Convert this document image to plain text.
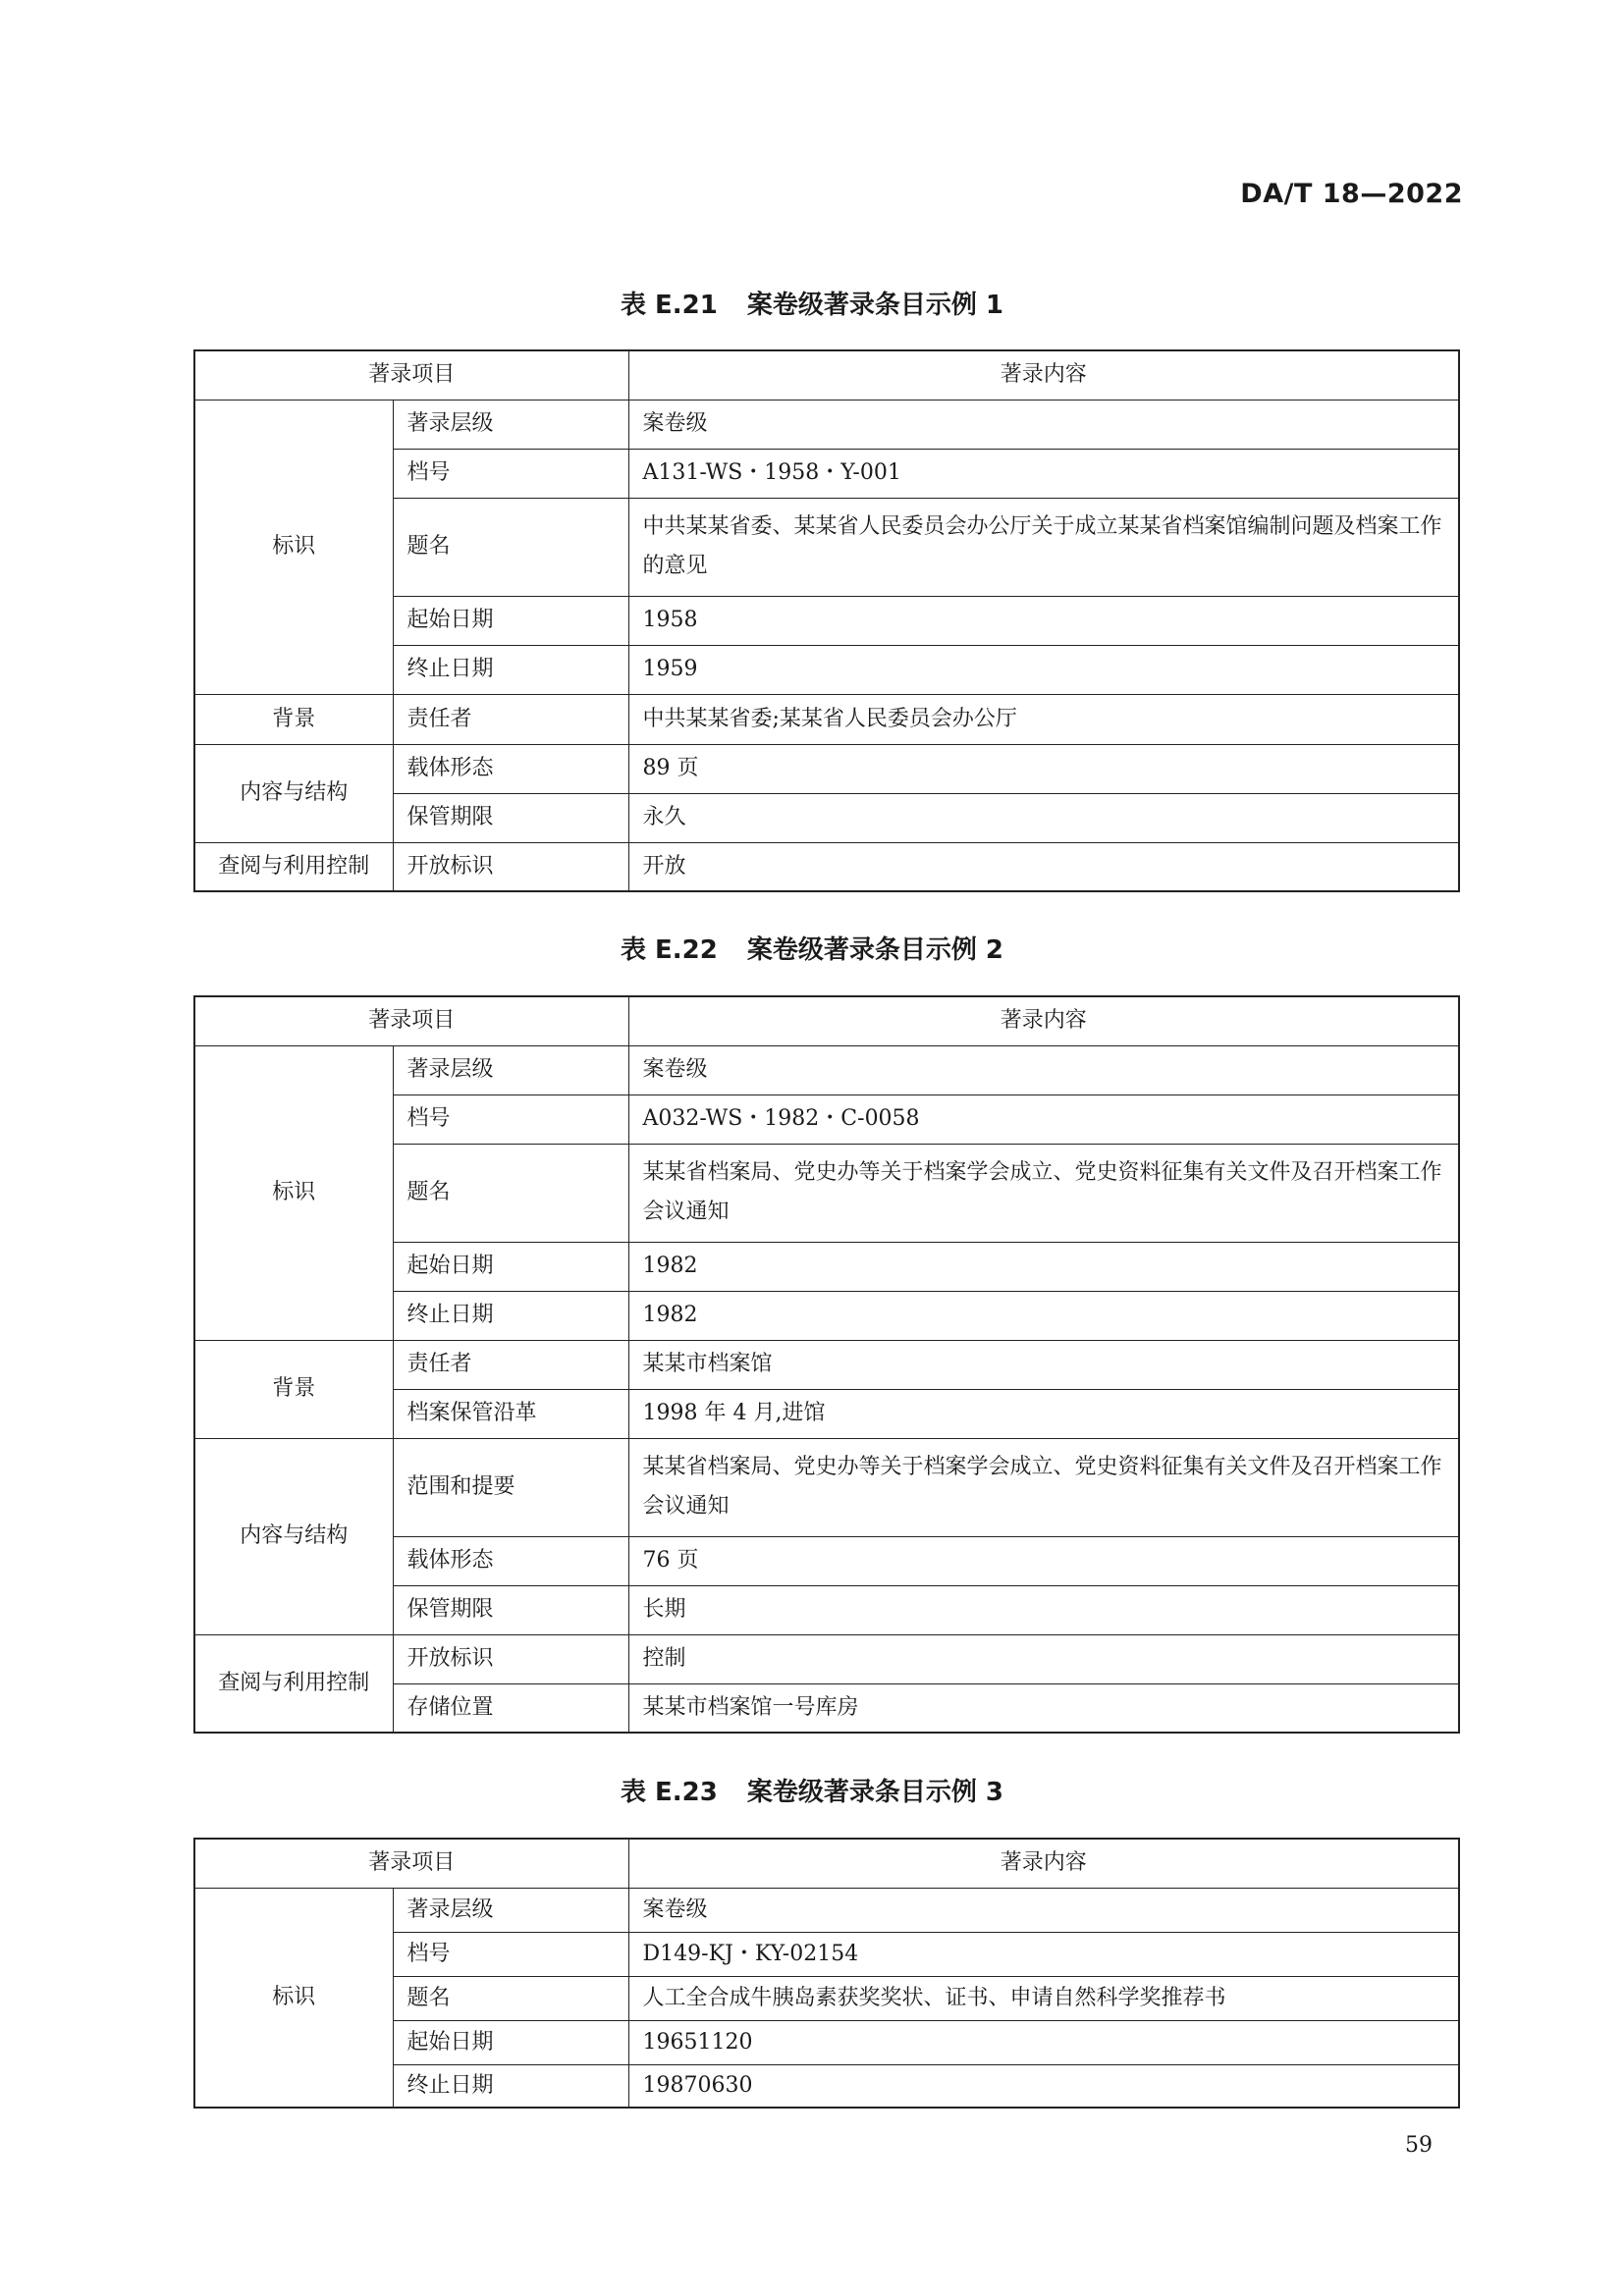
DA/T 18—2022
表 E.21 案卷级著录条目示例 1
著录项目		著录内容
标识	著录层级	案卷级
	档号	A131-WS・1958・Y-001
	题名	中共某某省委、某某省人民委员会办公厅关于成立某某省档案馆编制问题及档案工作的意见
	起始日期	1958
	终止日期	1959
背景	责任者	中共某某省委;某某省人民委员会办公厅
内容与结构	载体形态	89 页
	保管期限	永久
查阅与利用控制	开放标识	开放
表 E.22 案卷级著录条目示例 2
著录项目		著录内容
标识	著录层级	案卷级
	档号	A032-WS・1982・C-0058
	题名	某某省档案局、党史办等关于档案学会成立、党史资料征集有关文件及召开档案工作会议通知
	起始日期	1982
	终止日期	1982
背景	责任者	某某市档案馆
	档案保管沿革	1998 年 4 月,进馆
内容与结构	范围和提要	某某省档案局、党史办等关于档案学会成立、党史资料征集有关文件及召开档案工作会议通知
	载体形态	76 页
	保管期限	长期
查阅与利用控制	开放标识	控制
	存储位置	某某市档案馆一号库房
表 E.23 案卷级著录条目示例 3
著录项目		著录内容
标识	著录层级	案卷级
	档号	D149-KJ・KY-02154
	题名	人工全合成牛胰岛素获奖奖状、证书、申请自然科学奖推荐书
	起始日期	19651120
	终止日期	19870630
59
